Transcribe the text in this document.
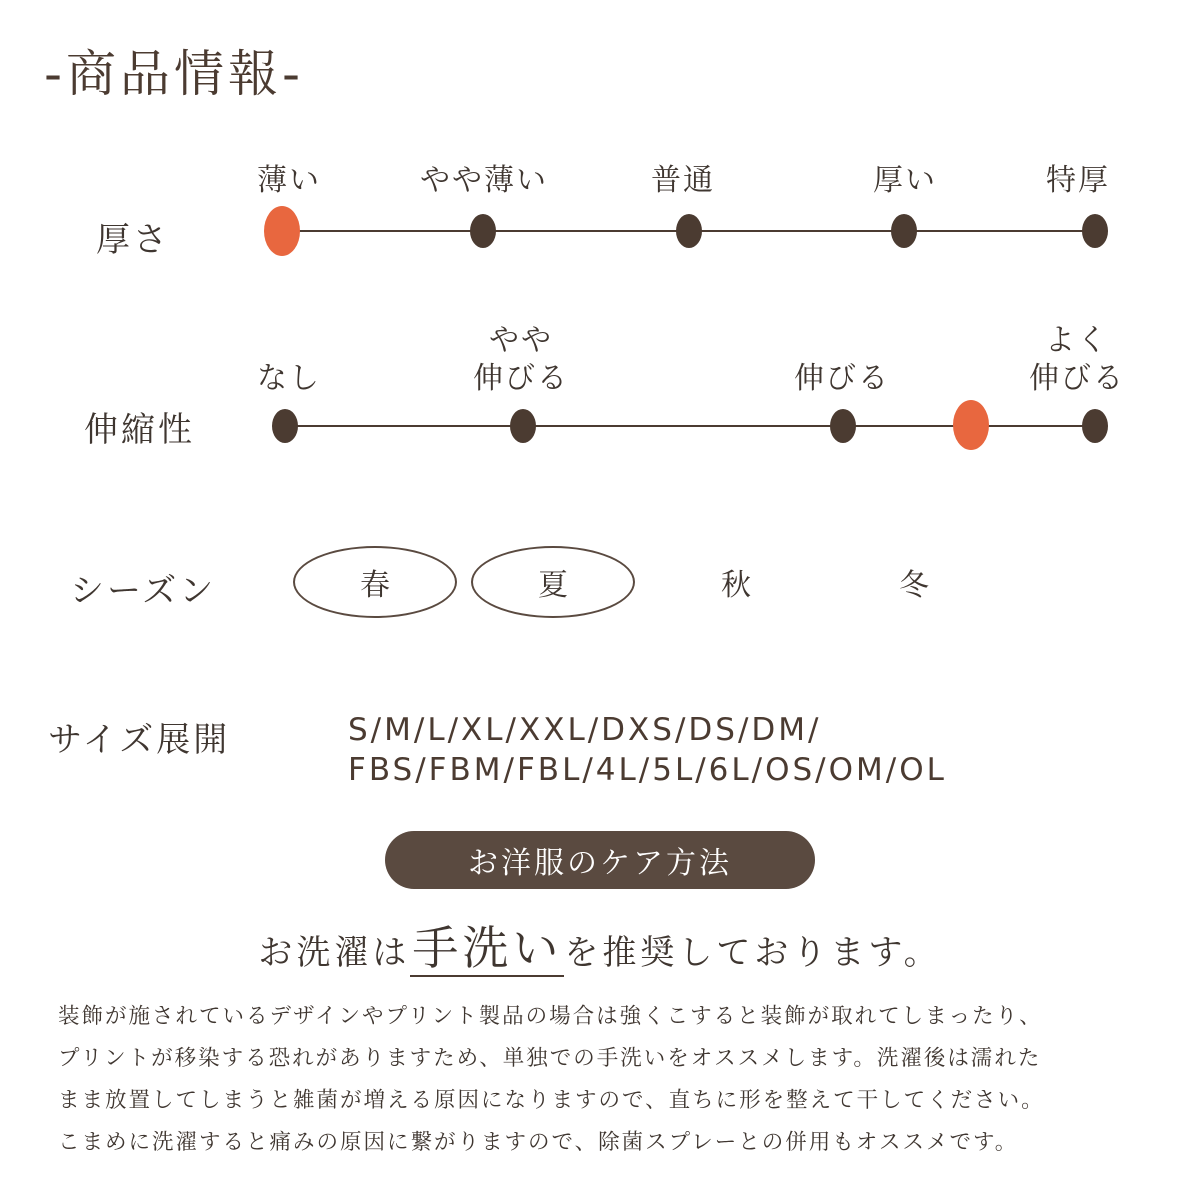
-商品情報-
厚さ
薄い	やや薄い	普通	厚い	特厚
伸縮性
なし
やや
伸びる	伸びる
よく
伸びる
シーズン	春	夏	秋	冬
サイズ展開	S/M/L/XL/XXL/DXS/DS/DM/
FBS/FBM/FBL/4L/5L/6L/OS/OM/OL
お洋服のケア方法
お洗濯は手洗いを推奨しております。
装飾が施されているデザインやプリント製品の場合は強くこすると装飾が取れてしまったり、
プリントが移染する恐れがありますため、単独での手洗いをオススメします。洗濯後は濡れた
まま放置してしまうと雑菌が増える原因になりますので、直ちに形を整えて干してください。
こまめに洗濯すると痛みの原因に繋がりますので、除菌スプレーとの併用もオススメです。
